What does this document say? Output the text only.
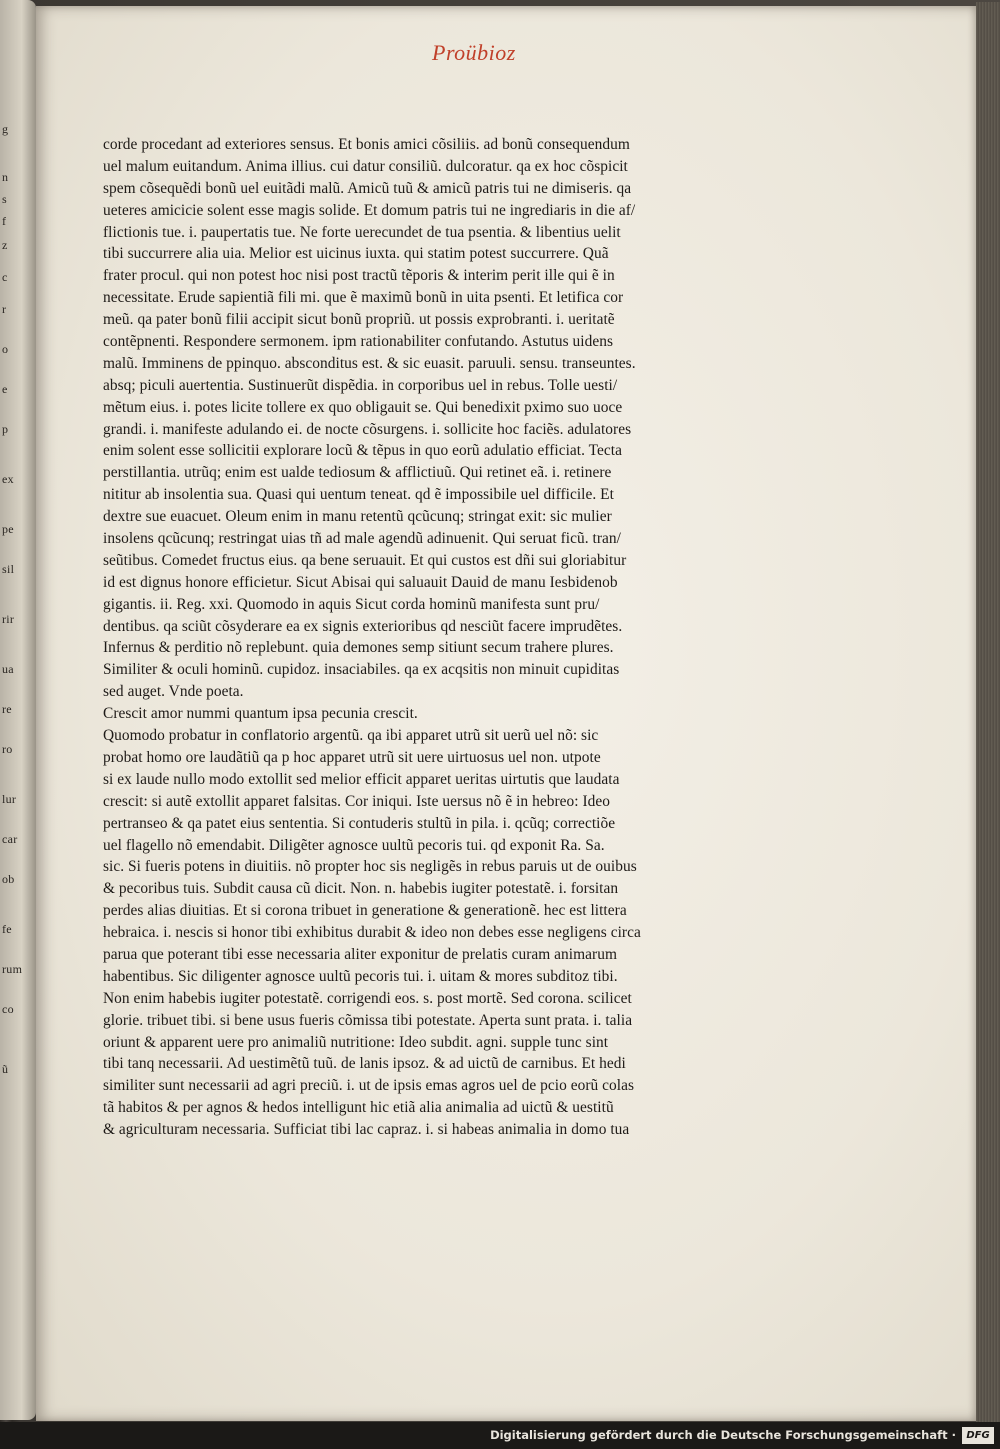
g
n
s
f
z
c
r
o
e
p
ex
pe
sil
rir
ua
re
ro
lur
car
ob
fe
rum
co
ũ
Proübioz
corde procedant ad exteriores sensus. Et bonis amici cõsiliis. ad bonũ consequendum
uel malum euitandum. Anima illius. cui datur consiliũ. dulcoratur. qa ex hoc cõspicit
spem cõsequẽdi bonũ uel euitãdi malũ. Amicũ tuũ & amicũ patris tui ne dimiseris. qa
ueteres amicicie solent esse magis solide. Et domum patris tui ne ingrediaris in die af/
flictionis tue. i. paupertatis tue. Ne forte uerecundet de tua psentia. & libentius uelit
tibi succurrere alia uia. Melior est uicinus iuxta. qui statim potest succurrere. Quã
frater procul. qui non potest hoc nisi post tractũ tẽporis & interim perit ille qui ẽ in
necessitate. Erude sapientiã fili mi. que ẽ maximũ bonũ in uita psenti. Et letifica cor
meũ. qa pater bonũ filii accipit sicut bonũ propriũ. ut possis exprobranti. i. ueritatẽ
contẽpnenti. Respondere sermonem. ipm rationabiliter confutando. Astutus uidens
malũ. Imminens de ppinquo. absconditus est. & sic euasit. paruuli. sensu. transeuntes.
absq; piculi auertentia. Sustinuerũt dispẽdia. in corporibus uel in rebus. Tolle uesti/
mẽtum eius. i. potes licite tollere ex quo obligauit se. Qui benedixit pximo suo uoce
grandi. i. manifeste adulando ei. de nocte cõsurgens. i. sollicite hoc faciẽs. adulatores
enim solent esse sollicitii explorare locũ & tẽpus in quo eorũ adulatio efficiat. Tecta
perstillantia. utrũq; enim est ualde tediosum & afflictiuũ. Qui retinet eã. i. retinere
nititur ab insolentia sua. Quasi qui uentum teneat. qd ẽ impossibile uel difficile. Et
dextre sue euacuet. Oleum enim in manu retentũ qcũcunq; stringat exit: sic mulier
insolens qcũcunq; restringat uias tñ ad male agendũ adinuenit. Qui seruat ficũ. tran/
seũtibus. Comedet fructus eius. qa bene seruauit. Et qui custos est dñi sui gloriabitur
id est dignus honore efficietur. Sicut Abisai qui saluauit Dauid de manu Iesbidenob
gigantis. ii. Reg. xxi. Quomodo in aquis Sicut corda hominũ manifesta sunt pru/
dentibus. qa sciũt cõsyderare ea ex signis exterioribus qd nesciũt facere imprudẽtes.
Infernus & perditio nõ replebunt. quia demones semp sitiunt secum trahere plures.
Similiter & oculi hominũ. cupidoz. insaciabiles. qa ex acqsitis non minuit cupiditas
sed auget. Vnde poeta.
Crescit amor nummi quantum ipsa pecunia crescit.
Quomodo probatur in conflatorio argentũ. qa ibi apparet utrũ sit uerũ uel nõ: sic
probat homo ore laudãtiũ qa p hoc apparet utrũ sit uere uirtuosus uel non. utpote
si ex laude nullo modo extollit sed melior efficit apparet ueritas uirtutis que laudata
crescit: si autẽ extollit apparet falsitas. Cor iniqui. Iste uersus nõ ẽ in hebreo: Ideo
pertranseo & qa patet eius sententia. Si contuderis stultũ in pila. i. qcũq; correctiõe
uel flagello nõ emendabit. Diligẽter agnosce uultũ pecoris tui. qd exponit Ra. Sa.
sic. Si fueris potens in diuitiis. nõ propter hoc sis negligẽs in rebus paruis ut de ouibus
& pecoribus tuis. Subdit causa cũ dicit. Non. n. habebis iugiter potestatẽ. i. forsitan
perdes alias diuitias. Et si corona tribuet in generatione & generationẽ. hec est littera
hebraica. i. nescis si honor tibi exhibitus durabit & ideo non debes esse negligens circa
parua que poterant tibi esse necessaria aliter exponitur de prelatis curam animarum
habentibus. Sic diligenter agnosce uultũ pecoris tui. i. uitam & mores subditoz tibi.
Non enim habebis iugiter potestatẽ. corrigendi eos. s. post mortẽ. Sed corona. scilicet
glorie. tribuet tibi. si bene usus fueris cõmissa tibi potestate. Aperta sunt prata. i. talia
oriunt & apparent uere pro animaliũ nutritione: Ideo subdit. agni. supple tunc sint
tibi tanq necessarii. Ad uestimẽtũ tuũ. de lanis ipsoz. & ad uictũ de carnibus. Et hedi
similiter sunt necessarii ad agri preciũ. i. ut de ipsis emas agros uel de pcio eorũ colas
tã habitos & per agnos & hedos intelligunt hic etiã alia animalia ad uictũ & uestitũ
& agriculturam necessaria. Sufficiat tibi lac capraz. i. si habeas animalia in domo tua
Digitalisierung gefördert durch die Deutsche Forschungsgemeinschaft ·	DFG
